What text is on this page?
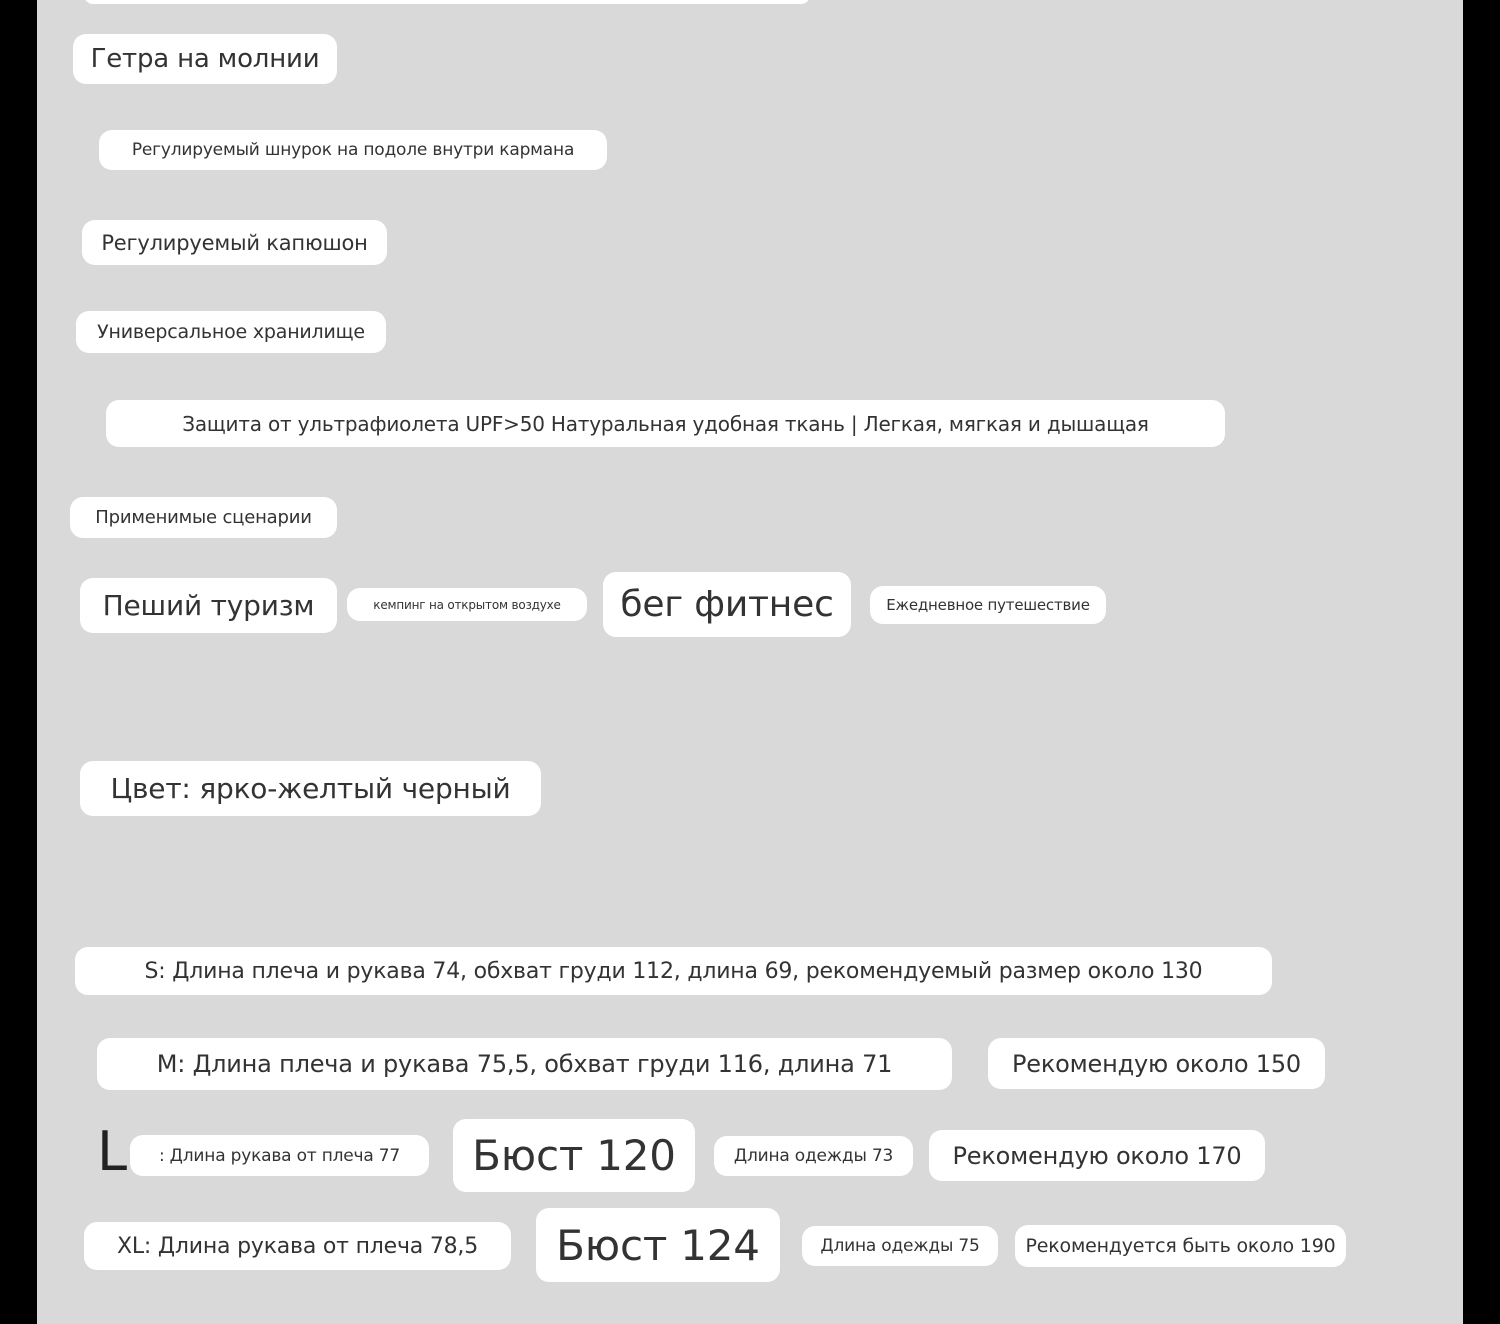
Гетра на молнии
Регулируемый шнурок на подоле внутри кармана
Регулируемый капюшон
Универсальное хранилище
Защита от ультрафиолета UPF>50 Натуральная удобная ткань | Легкая, мягкая и дышащая
Применимые сценарии
Пеший туризм	кемпинг на открытом воздухе	бег фитнес	Ежедневное путешествие
Цвет: ярко-желтый черный
S: Длина плеча и рукава 74, обхват груди 112, длина 69, рекомендуемый размер около 130
M: Длина плеча и рукава 75,5, обхват груди 116, длина 71	Рекомендую около 150
L	: Длина рукава от плеча 77	Бюст 120	Длина одежды 73	Рекомендую около 170
XL: Длина рукава от плеча 78,5	Бюст 124	Длина одежды 75	Рекомендуется быть около 190
